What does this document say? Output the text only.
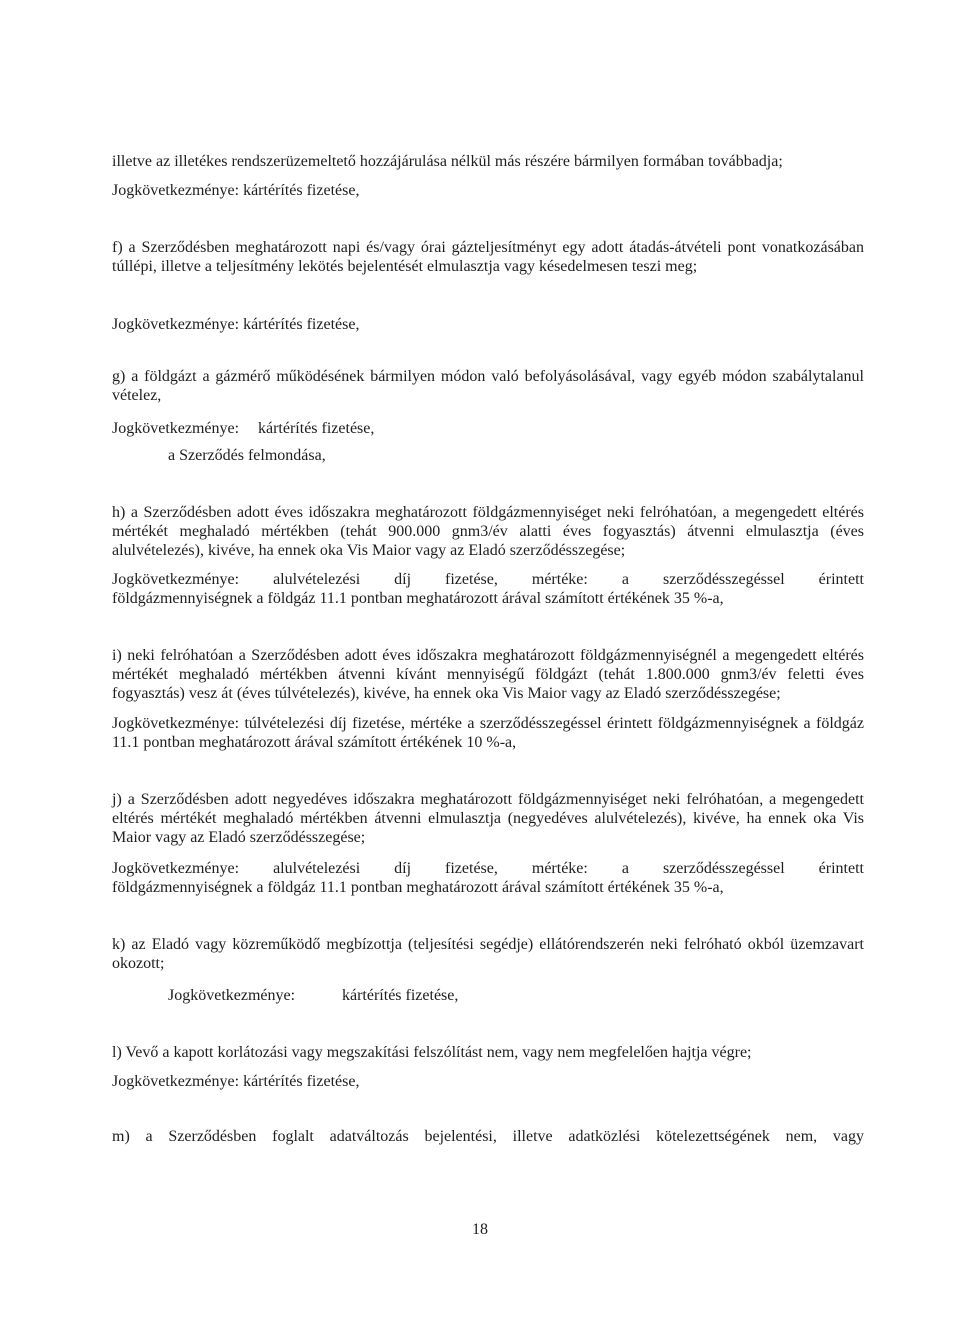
illetve az illetékes rendszerüzemeltető hozzájárulása nélkül más részére bármilyen formában továbbadja;
Jogkövetkezménye: kártérítés fizetése,
f) a Szerződésben meghatározott napi és/vagy órai gázteljesítményt egy adott átadás-átvételi pont vonatkozásában túllépi, illetve a teljesítmény lekötés bejelentését elmulasztja vagy késedelmesen teszi meg;
Jogkövetkezménye: kártérítés fizetése,
g) a földgázt a gázmérő működésének bármilyen módon való befolyásolásával, vagy egyéb módon szabálytalanul vételez,
Jogkövetkezménye: kártérítés fizetése,
a Szerződés felmondása,
h) a Szerződésben adott éves időszakra meghatározott földgázmennyiséget neki felróhatóan, a megengedett eltérés mértékét meghaladó mértékben (tehát 900.000 gnm3/év alatti éves fogyasztás) átvenni elmulasztja (éves alulvételezés), kivéve, ha ennek oka Vis Maior vagy az Eladó szerződésszegése;
Jogkövetkezménye: alulvételezési díj fizetése, mértéke: a szerződésszegéssel érintett
földgázmennyiségnek a földgáz 11.1 pontban meghatározott árával számított értékének 35 %-a,
i) neki felróhatóan a Szerződésben adott éves időszakra meghatározott földgázmennyiségnél a megengedett eltérés mértékét meghaladó mértékben átvenni kívánt mennyiségű földgázt (tehát 1.800.000 gnm3/év feletti éves fogyasztás) vesz át (éves túlvételezés), kivéve, ha ennek oka Vis Maior vagy az Eladó szerződésszegése;
Jogkövetkezménye: túlvételezési díj fizetése, mértéke a szerződésszegéssel érintett földgázmennyiségnek a földgáz 11.1 pontban meghatározott árával számított értékének 10 %-a,
j) a Szerződésben adott negyedéves időszakra meghatározott földgázmennyiséget neki felróhatóan, a megengedett eltérés mértékét meghaladó mértékben átvenni elmulasztja (negyedéves alulvételezés), kivéve, ha ennek oka Vis Maior vagy az Eladó szerződésszegése;
Jogkövetkezménye: alulvételezési díj fizetése, mértéke: a szerződésszegéssel érintett
földgázmennyiségnek a földgáz 11.1 pontban meghatározott árával számított értékének 35 %-a,
k) az Eladó vagy közreműködő megbízottja (teljesítési segédje) ellátórendszerén neki felróható okból üzemzavart okozott;
Jogkövetkezménye:	kártérítés fizetése,
l) Vevő a kapott korlátozási vagy megszakítási felszólítást nem, vagy nem megfelelően hajtja végre;
Jogkövetkezménye: kártérítés fizetése,
m) a Szerződésben foglalt adatváltozás bejelentési, illetve adatközlési kötelezettségének nem, vagy
18
